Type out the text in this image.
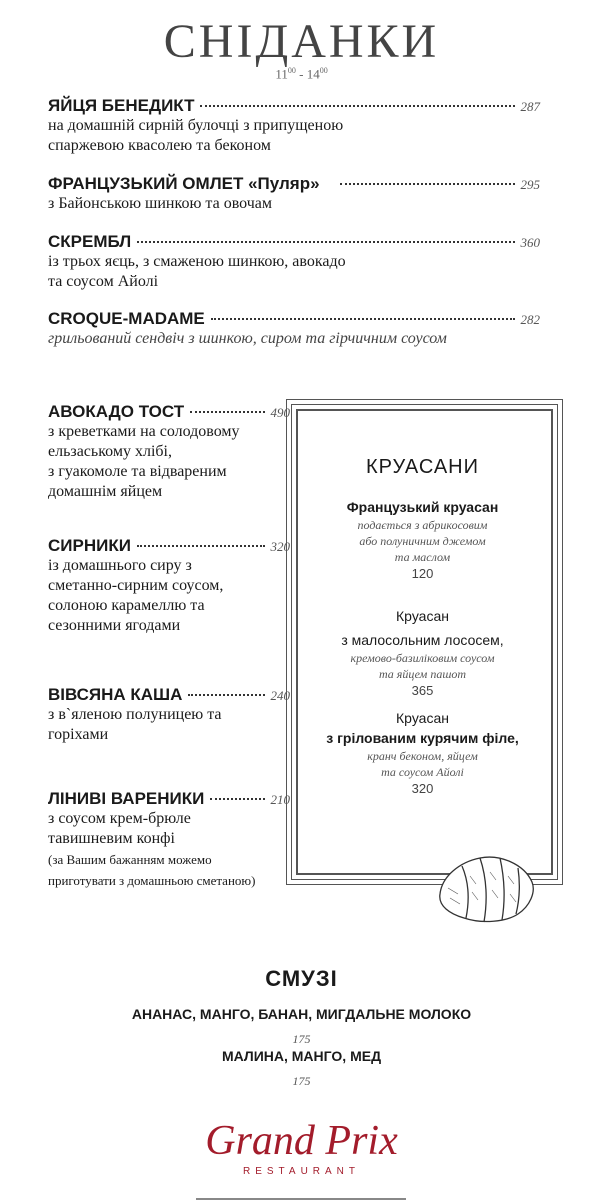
СНІДАНКИ
$11^{00} - 14^{00}$
ЯЙЦЯ БЕНЕДИКТ	287
на домашній сирній булочці з припущеною
спаржевою квасолею та беконом
ФРАНЦУЗЬКИЙ ОМЛЕТ «Пуляр»	295
з Байонською шинкою та овочам
СКРЕМБЛ	360
із трьох яєць, з смаженою шинкою, авокадо
та соусом Айолі
CROQUE-MADAME	282
грильований сендвіч з шинкою, сиром та гірчичним соусом
АВОКАДО ТОСТ	490
з креветками на солодовому
ельзаському хлібі,
з гуакомоле та відвареним
домашнім яйцем
СИРНИКИ	320
із домашнього сиру з
сметанно-сирним соусом,
солоною карамеллю та
сезонними ягодами
ВІВСЯНА КАША	240
з в`яленою полуницею та
горіхами
ЛІНИВІ ВАРЕНИКИ	210
з соусом крем-брюле
тавишневим конфі
(за Вашим бажанням можемо
приготувати з домашньою сметаною)
КРУАСАНИ
Французький круасан
подається з абрикосовим
або полуничним джемом
та маслом
120
Круасан
з малосольним лососем,
кремово-базиліковим соусом
та яйцем пашот
365
Круасан
з грілованим курячим філе,
кранч беконом, яйцем
та соусом Айолі
320
СМУЗІ
АНАНАС, МАНГО, БАНАН, МИГДАЛЬНЕ МОЛОКО
175
МАЛИНА, МАНГО, МЕД
175
Grand Prix
RESTAURANT
